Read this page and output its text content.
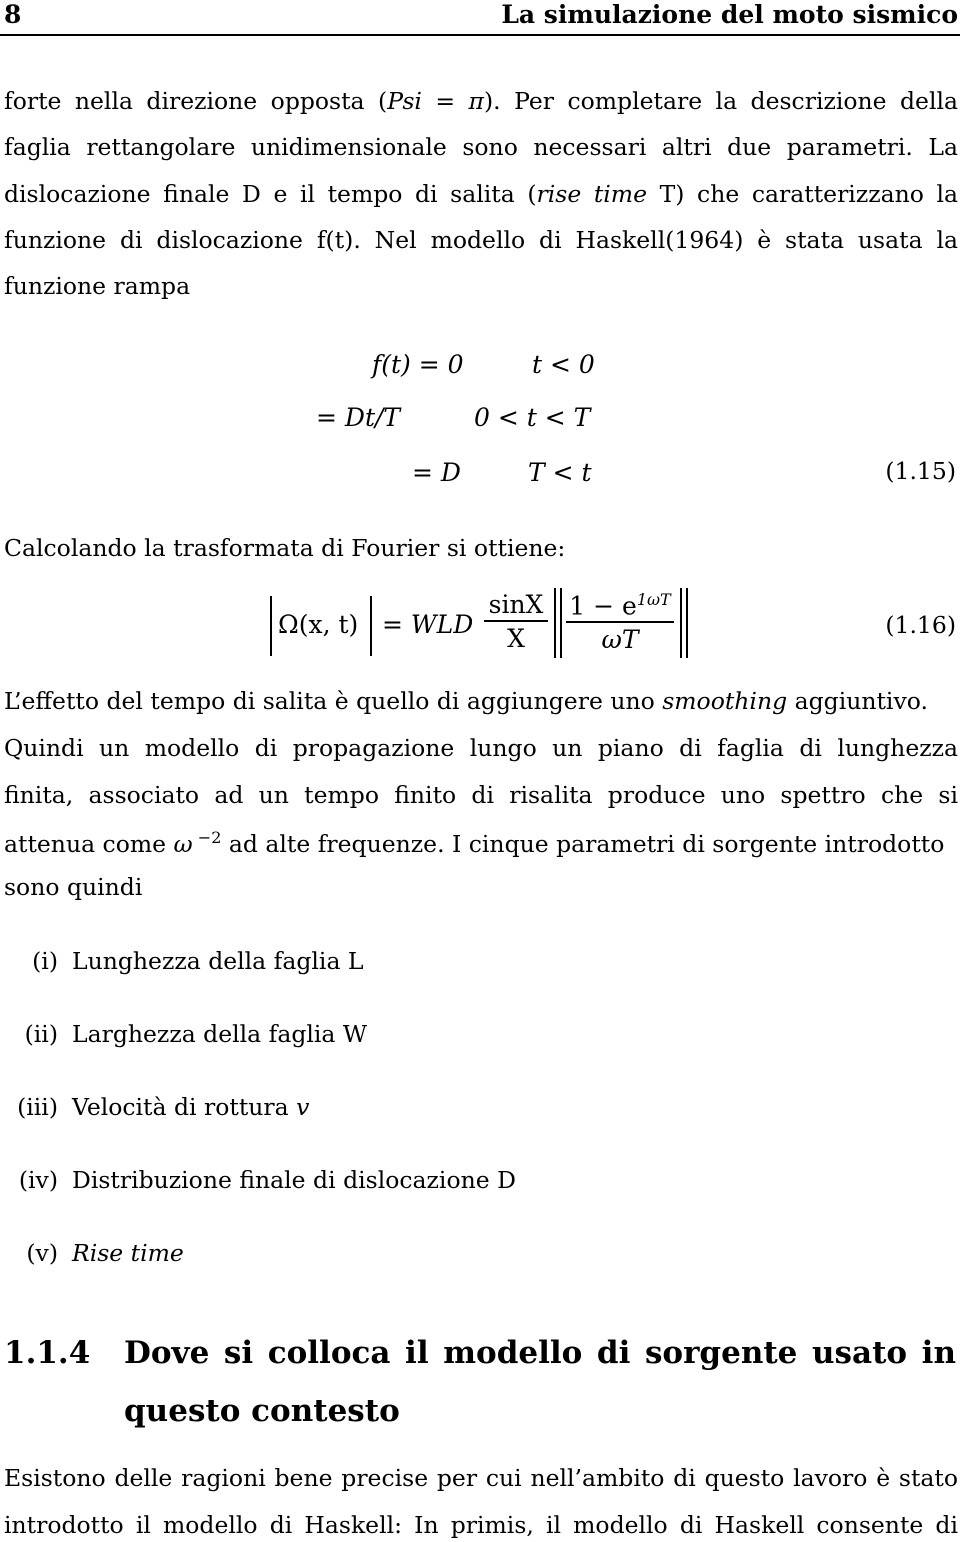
8	La simulazione del moto sismico
forte nella direzione opposta (Psi = π). Per completare la descrizione della
faglia rettangolare unidimensionale sono necessari altri due parametri. La
dislocazione finale D e il tempo di salita (rise time T) che caratterizzano la
funzione di dislocazione f(t). Nel modello di Haskell(1964) è stata usata la
funzione rampa
f(t) = 0	t < 0
= Dt/T	0 < t < T
= D	T < t	(1.15)
Calcolando la trasformata di Fourier si ottiene:
Ω(x, t) = WLD
sinX
X
$1 - e^{1\omega T}$
ωT	(1.16)
L’effetto del tempo di salita è quello di aggiungere uno smoothing aggiuntivo.
Quindi un modello di propagazione lungo un piano di faglia di lunghezza
finita, associato ad un tempo finito di risalita produce uno spettro che si
attenua come ω $^{-2}$ ad alte frequenze. I cinque parametri di sorgente introdotto
sono quindi
(i) Lunghezza della faglia L
(ii) Larghezza della faglia W
(iii) Velocità di rottura v
(iv) Distribuzione finale di dislocazione D
(v) Rise time
1.1.4 Dove si colloca il modello di sorgente usato in
questo contesto
Esistono delle ragioni bene precise per cui nell’ambito di questo lavoro è stato
introdotto il modello di Haskell: In primis, il modello di Haskell consente di
